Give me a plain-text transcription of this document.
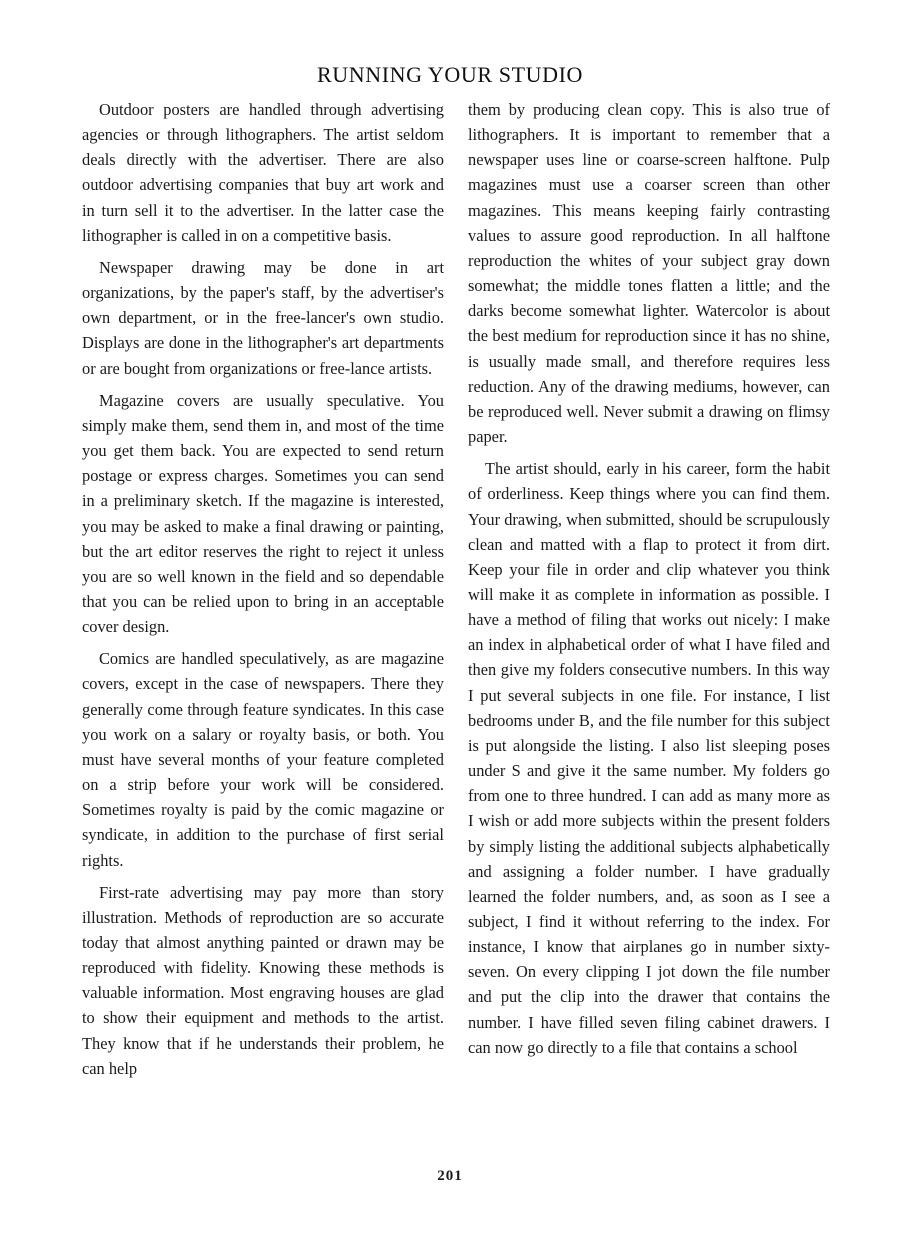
RUNNING YOUR STUDIO

Outdoor posters are handled through advertising agencies or through lithographers. The artist seldom deals directly with the advertiser. There are also outdoor advertising companies that buy art work and in turn sell it to the advertiser. In the latter case the lithographer is called in on a competitive basis.

Newspaper drawing may be done in art organizations, by the paper's staff, by the advertiser's own department, or in the free-lancer's own studio. Displays are done in the lithographer's art departments or are bought from organizations or free-lance artists.

Magazine covers are usually speculative. You simply make them, send them in, and most of the time you get them back. You are expected to send return postage or express charges. Sometimes you can send in a preliminary sketch. If the magazine is interested, you may be asked to make a final drawing or painting, but the art editor reserves the right to reject it unless you are so well known in the field and so dependable that you can be relied upon to bring in an acceptable cover design.

Comics are handled speculatively, as are magazine covers, except in the case of newspapers. There they generally come through feature syndicates. In this case you work on a salary or royalty basis, or both. You must have several months of your feature completed on a strip before your work will be considered. Sometimes royalty is paid by the comic magazine or syndicate, in addition to the purchase of first serial rights.

First-rate advertising may pay more than story illustration. Methods of reproduction are so accurate today that almost anything painted or drawn may be reproduced with fidelity. Knowing these methods is valuable information. Most engraving houses are glad to show their equipment and methods to the artist. They know that if he understands their problem, he can help

them by producing clean copy. This is also true of lithographers. It is important to remember that a newspaper uses line or coarse-screen halftone. Pulp magazines must use a coarser screen than other magazines. This means keeping fairly contrasting values to assure good reproduction. In all halftone reproduction the whites of your subject gray down somewhat; the middle tones flatten a little; and the darks become somewhat lighter. Watercolor is about the best medium for reproduction since it has no shine, is usually made small, and therefore requires less reduction. Any of the drawing mediums, however, can be reproduced well. Never submit a drawing on flimsy paper.

The artist should, early in his career, form the habit of orderliness. Keep things where you can find them. Your drawing, when submitted, should be scrupulously clean and matted with a flap to protect it from dirt. Keep your file in order and clip whatever you think will make it as complete in information as possible. I have a method of filing that works out nicely: I make an index in alphabetical order of what I have filed and then give my folders consecutive numbers. In this way I put several subjects in one file. For instance, I list bedrooms under B, and the file number for this subject is put alongside the listing. I also list sleeping poses under S and give it the same number. My folders go from one to three hundred. I can add as many more as I wish or add more subjects within the present folders by simply listing the additional subjects alphabetically and assigning a folder number. I have gradually learned the folder numbers, and, as soon as I see a subject, I find it without referring to the index. For instance, I know that airplanes go in number sixty-seven. On every clipping I jot down the file number and put the clip into the drawer that contains the number. I have filled seven filing cabinet drawers. I can now go directly to a file that contains a school

201
